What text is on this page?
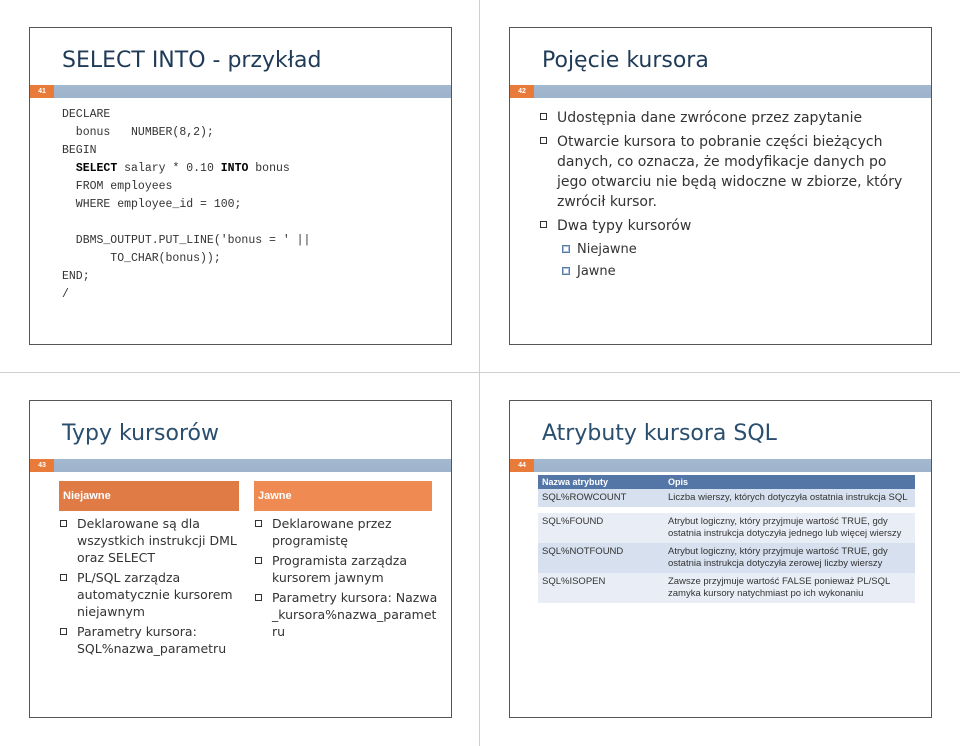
SELECT INTO - przykład
41
DECLARE
bonus   NUMBER(8,2);
BEGIN
SELECT salary * 0.10 INTO bonus
FROM employees
WHERE employee_id = 100;
DBMS_OUTPUT.PUT_LINE('bonus = ' ||
TO_CHAR(bonus));
END;
/
Pojęcie kursora
42
Udostępnia dane zwrócone przez zapytanie
Otwarcie kursora to pobranie części bieżących danych, co oznacza, że modyfikacje danych po jego otwarciu nie będą widoczne w zbiorze, który zwrócił kursor.
Dwa typy kursorów
Niejawne
Jawne
Typy kursorów
43
Niejawne	Jawne
Deklarowane są dla wszystkich instrukcji DML oraz SELECT
PL/SQL zarządza automatycznie kursorem niejawnym
Parametry kursora: SQL%nazwa_parametru
Deklarowane przez programistę
Programista zarządza kursorem jawnym
Parametry kursora: Nazwa_kursora%nazwa_parametru
Atrybuty kursora SQL
44
Nazwa atrybuty	Opis
SQL%ROWCOUNT	Liczba wierszy, których dotyczyła ostatnia instrukcja SQL
SQL%FOUND	Atrybut logiczny, który przyjmuje wartość TRUE, gdy ostatnia instrukcja dotyczyła jednego lub więcej wierszy
SQL%NOTFOUND	Atrybut logiczny, który przyjmuje wartość TRUE, gdy ostatnia instrukcja dotyczyła zerowej liczby wierszy
SQL%ISOPEN	Zawsze przyjmuje wartość FALSE ponieważ PL/SQL zamyka kursory natychmiast po ich wykonaniu
